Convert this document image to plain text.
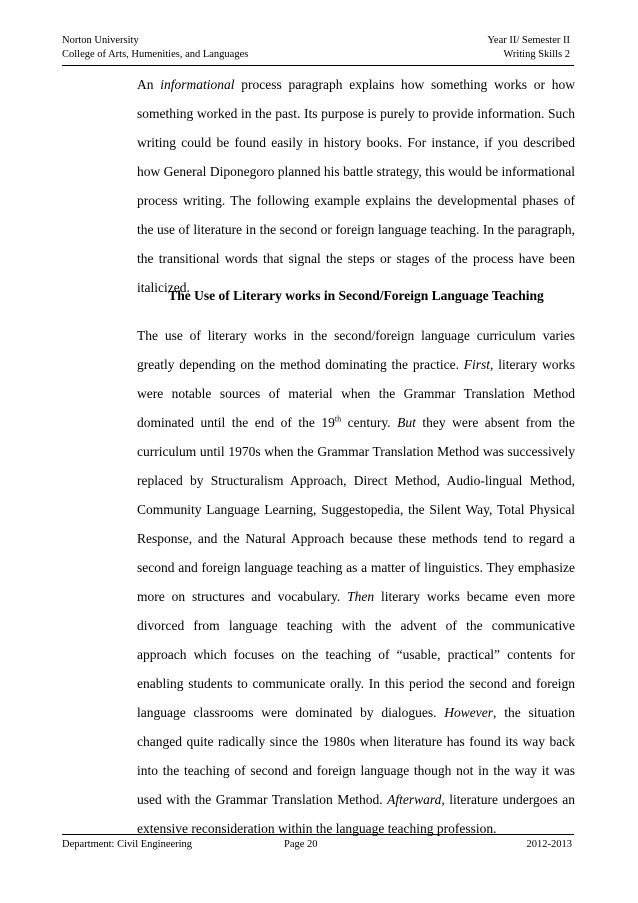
Norton University
College of Arts, Humenities, and Languages
Year II/ Semester II
Writing Skills 2

An informational process paragraph explains how something works or how something worked in the past. Its purpose is purely to provide information. Such writing could be found easily in history books. For instance, if you described how General Diponegoro planned his battle strategy, this would be informational process writing. The following example explains the developmental phases of the use of literature in the second or foreign language teaching. In the paragraph, the transitional words that signal the steps or stages of the process have been italicized.

The Use of Literary works in Second/Foreign Language Teaching

The use of literary works in the second/foreign language curriculum varies greatly depending on the method dominating the practice. First, literary works were notable sources of material when the Grammar Translation Method dominated until the end of the 19th century. But they were absent from the curriculum until 1970s when the Grammar Translation Method was successively replaced by Structuralism Approach, Direct Method, Audio-lingual Method, Community Language Learning, Suggestopedia, the Silent Way, Total Physical Response, and the Natural Approach because these methods tend to regard a second and foreign language teaching as a matter of linguistics. They emphasize more on structures and vocabulary. Then literary works became even more divorced from language teaching with the advent of the communicative approach which focuses on the teaching of “usable, practical” contents for enabling students to communicate orally. In this period the second and foreign language classrooms were dominated by dialogues. However, the situation changed quite radically since the 1980s when literature has found its way back into the teaching of second and foreign language though not in the way it was used with the Grammar Translation Method. Afterward, literature undergoes an extensive reconsideration within the language teaching profession.

Department: Civil Engineering	Page 20	2012-2013
